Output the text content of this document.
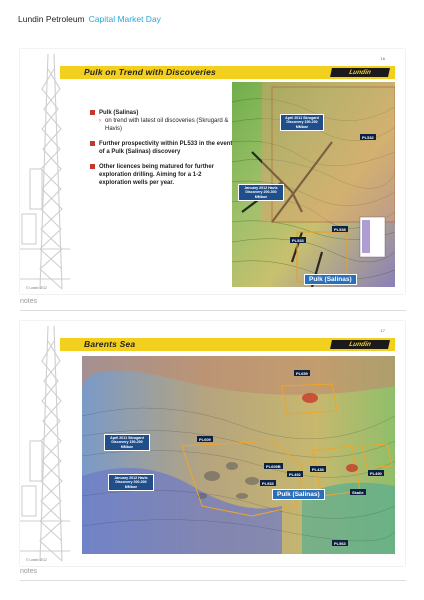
Lundin Petroleum Capital Market Day
16
Pulk on Trend with Discoveries	Lundin
Pulk (Salinas)
› on trend with latest oil discoveries (Skrugard & Havis)
Further prospectivity within PL533 in the event of a Pulk (Salinas) discovery
Other licences being matured for further exploration drilling. Aiming for a 1-2 exploration wells per year.
April 2011 Skrugard Discovery 150-250 MMboe
January 2012 Havis Discovery 200-300 MMboe
Pulk (Salinas)
PL532
PL533
PL538
© Lundin 2012
notes
17
Barents Sea	Lundin
April 2011 Skrugard Discovery 150-250 MMboe
January 2012 Havis Discovery 200-300 MMboe
PL659
PL609
PL609B
PL492
PL438
PL490
Skalle
PL533
PL563
Pulk (Salinas)
© Lundin 2012
notes
